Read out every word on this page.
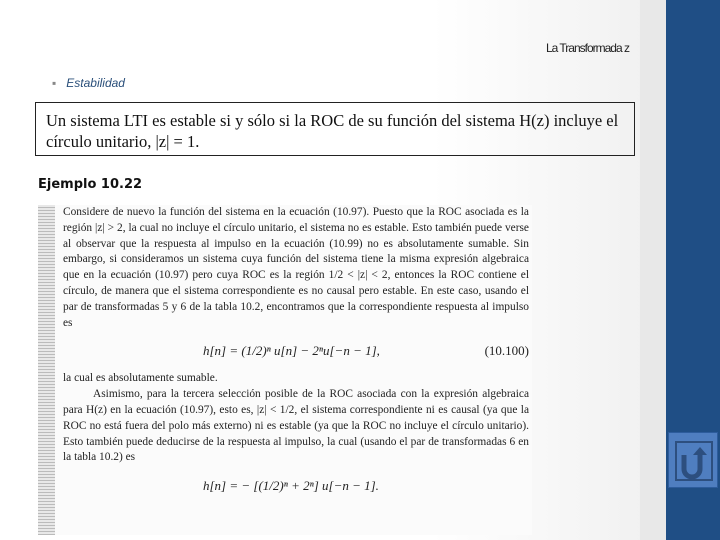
La Transformada z
▪ Estabilidad
Un sistema LTI es estable si y sólo si la ROC de su función del sistema H(z) incluye el círculo unitario, |z| = 1.
Ejemplo 10.22

Considere de nuevo la función del sistema en la ecuación (10.97). Puesto que la ROC asociada es la región |z| > 2, la cual no incluye el círculo unitario, el sistema no es estable. Esto también puede verse al observar que la respuesta al impulso en la ecuación (10.99) no es absolutamente sumable. Sin embargo, si consideramos un sistema cuya función del sistema tiene la misma expresión algebraica que en la ecuación (10.97) pero cuya ROC es la región 1/2 < |z| < 2, entonces la ROC contiene el círculo, de manera que el sistema correspondiente es no causal pero estable. En este caso, usando el par de transformadas 5 y 6 de la tabla 10.2, encontramos que la correspondiente respuesta al impulso es

h[n] = (1/2)ⁿ u[n] − 2ⁿu[−n − 1],	(10.100)

la cual es absolutamente sumable.

Asimismo, para la tercera selección posible de la ROC asociada con la expresión algebraica para H(z) en la ecuación (10.97), esto es, |z| < 1/2, el sistema correspondiente ni es causal (ya que la ROC no está fuera del polo más externo) ni es estable (ya que la ROC no incluye el círculo unitario). Esto también puede deducirse de la respuesta al impulso, la cual (usando el par de transformadas 6 en la tabla 10.2) es

h[n] = − [(1/2)ⁿ + 2ⁿ] u[−n − 1].
